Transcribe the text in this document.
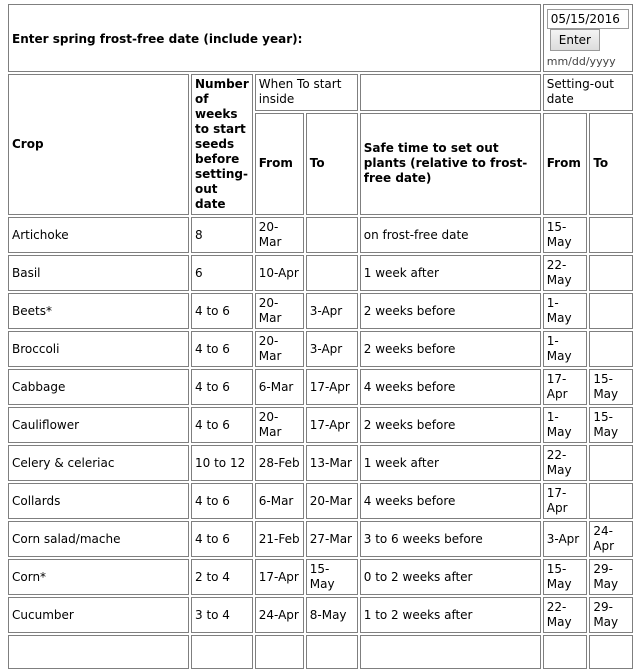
Enter spring frost-free date (include year):	05/15/2016Enter
mm/dd/yyyy

Crop	Number of weeks to start seeds before setting-out date	When To start inside			Setting-out date	
		From	To	Safe time to set out plants (relative to frost-free date)	From	To
Artichoke	8	20-Mar		on frost-free date	15-May	
Basil	6	10-Apr		1 week after	22-May	
Beets*	4 to 6	20-Mar	3-Apr	2 weeks before	1-May	
Broccoli	4 to 6	20-Mar	3-Apr	2 weeks before	1-May	
Cabbage	4 to 6	6-Mar	17-Apr	4 weeks before	17-Apr	15-May
Cauliflower	4 to 6	20-Mar	17-Apr	2 weeks before	1-May	15-May
Celery & celeriac	10 to 12	28-Feb	13-Mar	1 week after	22-May	
Collards	4 to 6	6-Mar	20-Mar	4 weeks before	17-Apr	
Corn salad/mache	4 to 6	21-Feb	27-Mar	3 to 6 weeks before	3-Apr	24-Apr
Corn*	2 to 4	17-Apr	15-May	0 to 2 weeks after	15-May	29-May
Cucumber	3 to 4	24-Apr	8-May	1 to 2 weeks after	22-May	29-May
